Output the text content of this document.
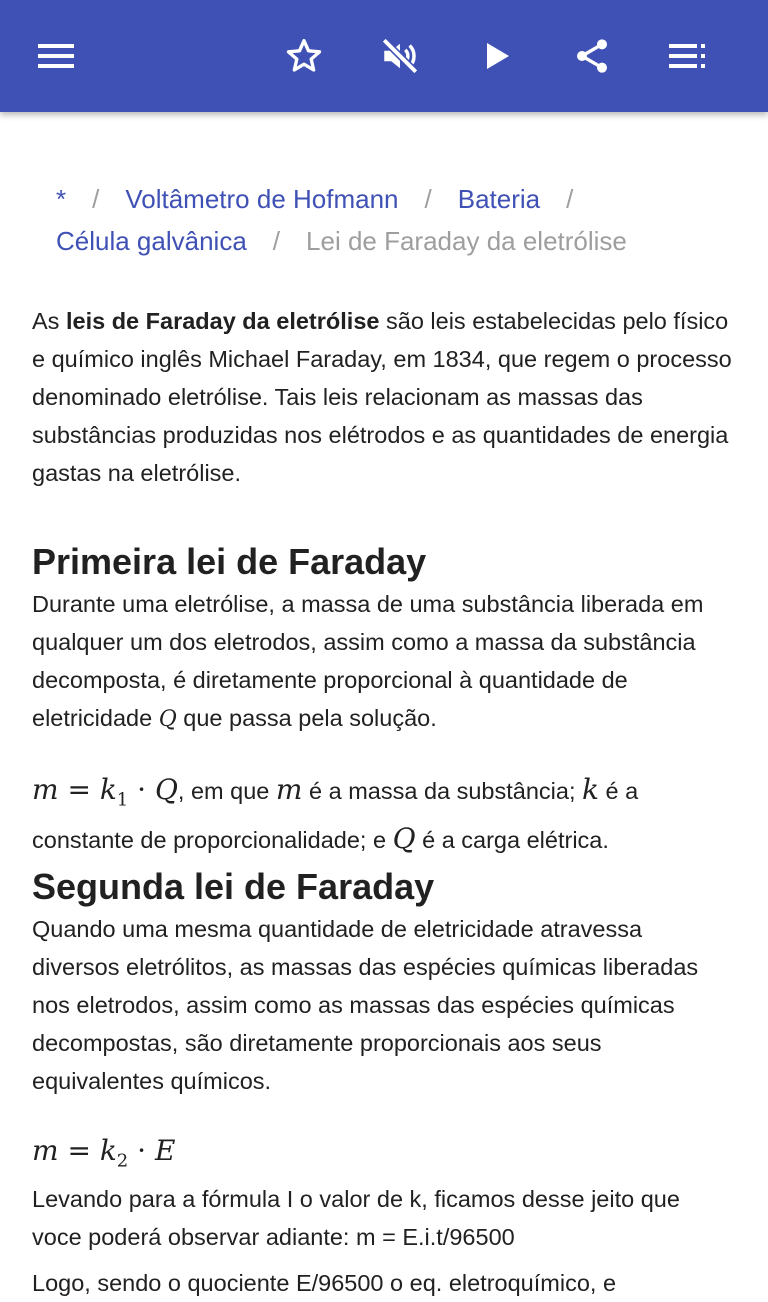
* / Voltâmetro de Hofmann / Bateria /
Célula galvânica / Lei de Faraday da eletrólise

As leis de Faraday da eletrólise são leis estabelecidas pelo físico e químico inglês Michael Faraday, em 1834, que regem o processo denominado eletrólise. Tais leis relacionam as massas das substâncias produzidas nos elétrodos e as quantidades de energia gastas na eletrólise.

Primeira lei de Faraday

Durante uma eletrólise, a massa de uma substância liberada em qualquer um dos eletrodos, assim como a massa da substância decomposta, é diretamente proporcional à quantidade de eletricidade Q que passa pela solução.

$m = k_1 \cdot Q$, em que m é a massa da substância; k é a constante de proporcionalidade; e Q é a carga elétrica.

Segunda lei de Faraday

Quando uma mesma quantidade de eletricidade atravessa diversos eletrólitos, as massas das espécies químicas liberadas nos eletrodos, assim como as massas das espécies químicas decompostas, são diretamente proporcionais aos seus equivalentes químicos.

$m = k_2 \cdot E$

Levando para a fórmula I o valor de k, ficamos desse jeito que voce poderá observar adiante: m = E.i.t/96500

Logo, sendo o quociente E/96500 o eq. eletroquímico, e
